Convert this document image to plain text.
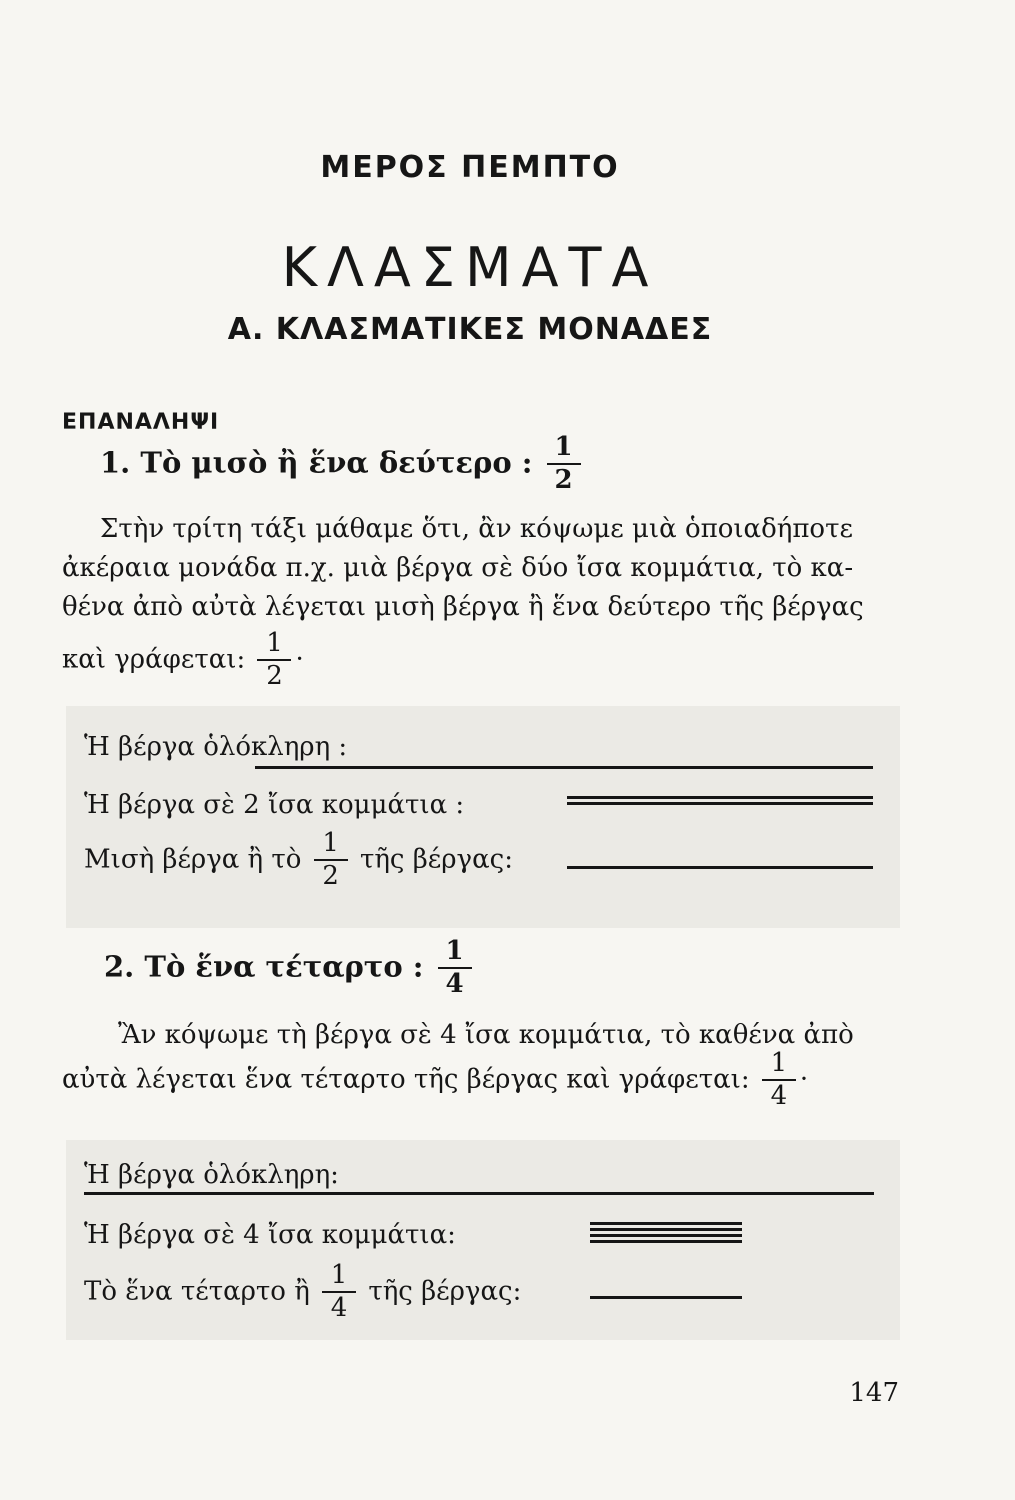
ΜΕΡΟΣ ΠΕΜΠΤΟ
ΚΛΑΣΜΑΤΑ
Α. ΚΛΑΣΜΑΤΙΚΕΣ ΜΟΝΑΔΕΣ
ΕΠΑΝΑΛΗΨΙ
1. Τὸ μισὸ ἢ ἕνα δεύτερο : $\frac{1}{2}$
Στὴν τρίτη τάξι μάθαμε ὅτι, ἂν κόψωμε μιὰ ὁποιαδήποτε
ἀκέραια μονάδα π.χ. μιὰ βέργα σὲ δύο ἴσα κομμάτια, τὸ κα-
θένα ἀπὸ αὐτὰ λέγεται μισὴ βέργα ἢ ἕνα δεύτερο τῆς βέργας
καὶ γράφεται: $\frac{1}{2}$ ·
Ἡ βέργα ὁλόκληρη :
Ἡ βέργα σὲ 2 ἴσα κομμάτια :
Μισὴ βέργα ἢ τὸ $\frac{1}{2}$ τῆς βέργας:
2. Τὸ ἕνα τέταρτο : $\frac{1}{4}$
Ἂν κόψωμε τὴ βέργα σὲ 4 ἴσα κομμάτια, τὸ καθένα ἀπὸ
αὐτὰ λέγεται ἕνα τέταρτο τῆς βέργας καὶ γράφεται: $\frac{1}{4}$ ·
Ἡ βέργα ὁλόκληρη:
Ἡ βέργα σὲ 4 ἴσα κομμάτια:
Τὸ ἕνα τέταρτο ἢ $\frac{1}{4}$ τῆς βέργας:
147
